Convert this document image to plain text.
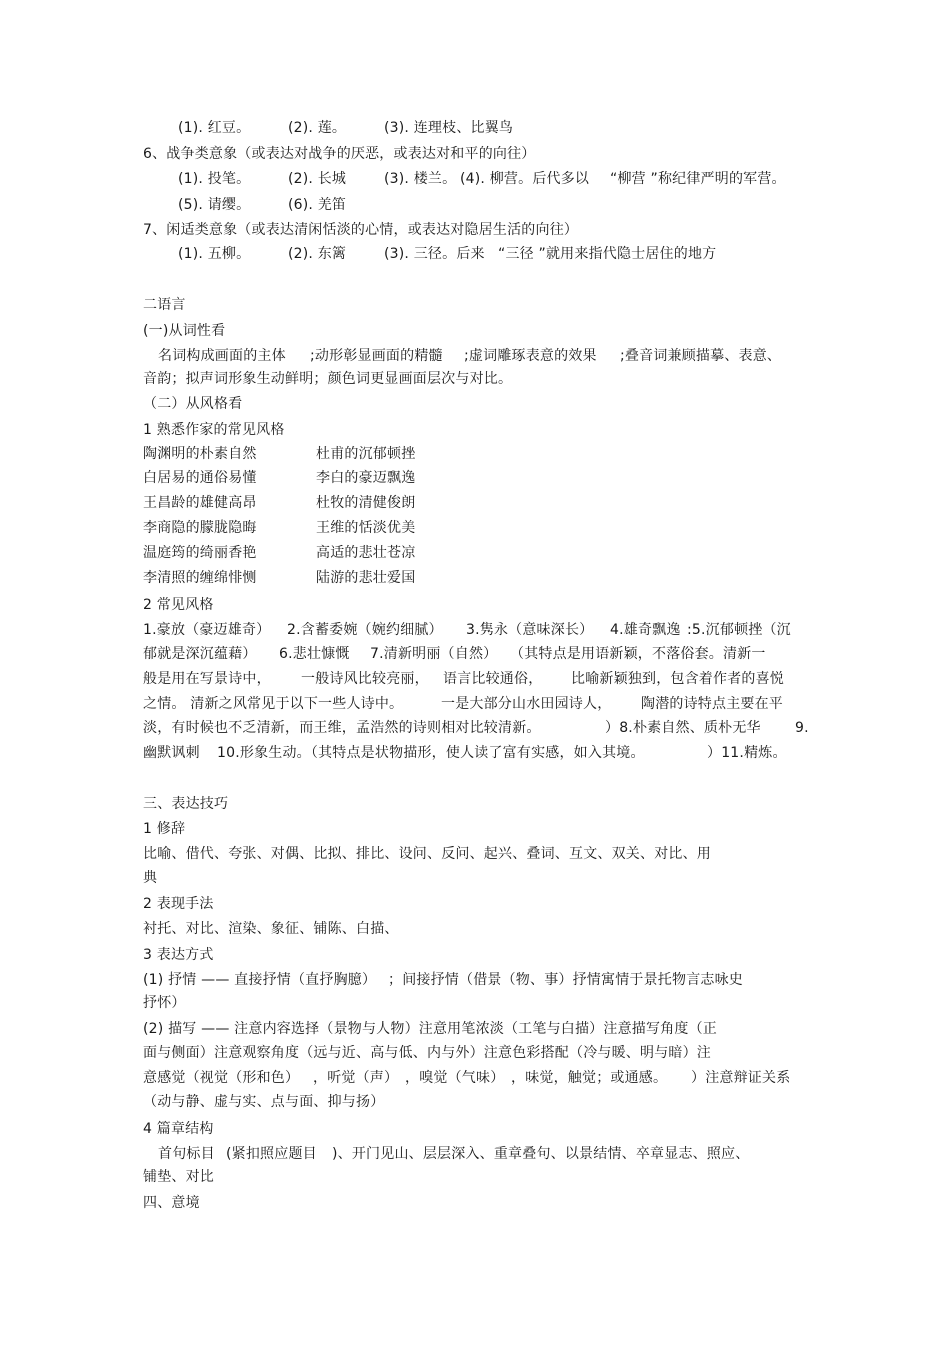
(1). 红豆。	(2). 莲。	(3). 连理枝、比翼鸟
6、战争类意象（或表达对战争的厌恶，或表达对和平的向往）
(1). 投笔。	(2). 长城	(3). 楼兰。 (4). 柳营。后代多以 “柳营 ”称纪律严明的军营。
(5). 请缨。	(6). 羌笛
7、闲适类意象（或表达清闲恬淡的心情，或表达对隐居生活的向往）
(1). 五柳。	(2). 东篱	(3). 三径。后来 “三径 ”就用来指代隐士居住的地方
二语言
(一)从词性看
名词构成画面的主体 ;动形彰显画面的精髓 ;虚词雕琢表意的效果 ;叠音词兼顾描摹、表意、
音韵；拟声词形象生动鲜明；颜色词更显画面层次与对比。
（二）从风格看
1 熟悉作家的常见风格
陶渊明的朴素自然	杜甫的沉郁顿挫
白居易的通俗易懂	李白的豪迈飘逸
王昌龄的雄健高昂	杜牧的清健俊朗
李商隐的朦胧隐晦	王维的恬淡优美
温庭筠的绮丽香艳	高适的悲壮苍凉
李清照的缠绵悱恻	陆游的悲壮爱国
2 常见风格
1.豪放（豪迈雄奇） 2.含蓄委婉（婉约细腻） 3.隽永（意味深长） 4.雄奇飘逸 :5.沉郁顿挫（沉
郁就是深沉蕴藉） 6.悲壮慷慨 7.清新明丽（自然） （其特点是用语新颖，不落俗套。清新一
般是用在写景诗中， 一般诗风比较亮丽， 语言比较通俗， 比喻新颖独到，包含着作者的喜悦
之情。 清新之风常见于以下一些人诗中。	一是大部分山水田园诗人， 陶潜的诗特点主要在平
淡，有时候也不乏清新，而王维，孟浩然的诗则相对比较清新。	）8.朴素自然、质朴无华 9.
幽默讽刺 10.形象生动。（其特点是状物描形，使人读了富有实感，如入其境。	）11.精炼。
三、表达技巧
1 修辞
比喻、借代、夸张、对偶、比拟、排比、设问、反问、起兴、叠词、互文、双关、对比、用
典
2 表现手法
衬托、对比、渲染、象征、铺陈、白描、
3 表达方式
(1) 抒情 —— 直接抒情（直抒胸臆） ；间接抒情（借景（物、事）抒情寓情于景托物言志咏史
抒怀）
(2) 描写 —— 注意内容选择（景物与人物）注意用笔浓淡（工笔与白描）注意描写角度（正
面与侧面）注意观察角度（远与近、高与低、内与外）注意色彩搭配（冷与暖、明与暗）注
意感觉（视觉（形和色） ，听觉（声） ，嗅觉（气味） ，味觉，触觉；或通感。 ）注意辩证关系
（动与静、虚与实、点与面、抑与扬）
4 篇章结构
首句标目 (紧扣照应题目 )、开门见山、层层深入、重章叠句、以景结情、卒章显志、照应、
铺垫、对比
四、意境
